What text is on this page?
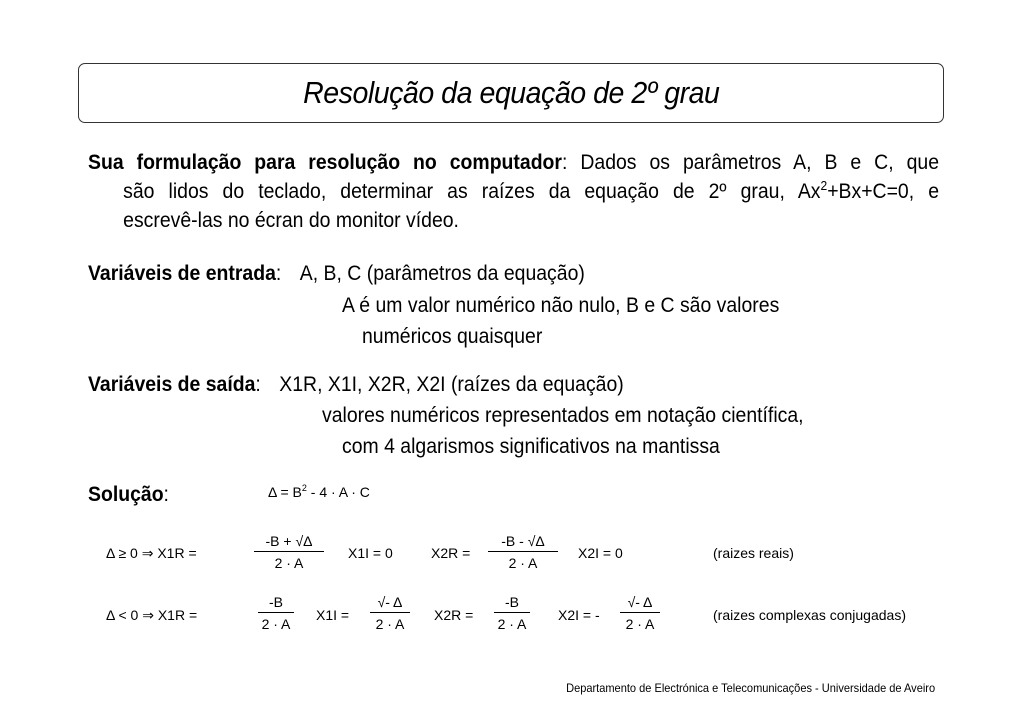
Resolução da equação de 2º grau
Sua formulação para resolução no computador: Dados os parâmetros A, B e C, que
são lidos do teclado, determinar as raízes da equação de 2º grau, $Ax^2+Bx+C=0$, e
escrevê-las no écran do monitor vídeo.
Variáveis de entrada: A, B, C (parâmetros da equação)
A é um valor numérico não nulo, B e C são valores
numéricos quaisquer
Variáveis de saída: X1R, X1I, X2R, X2I (raízes da equação)
valores numéricos representados em notação científica,
com 4 algarismos significativos na mantissa
Solução:	$\Delta = B^2 - 4 \cdot A \cdot C$
Δ ≥ 0 ⇒ X1R =	$\frac{-B + √\Delta}{2 \cdot A} X1I = 0$	$X2R = \frac{-B - √\Delta}{2 \cdot A} X2I = 0$	(raizes reais)
Δ < 0 ⇒ X1R =	$\frac{-B}{2 \cdot A} X1I = \frac{√- \Delta}{2 \cdot A} X2R = \frac{-B}{2 \cdot A} X2I$ = - $\frac{√- \Delta}{2 \cdot A}$	(raizes complexas conjugadas)
Departamento de Electrónica e Telecomunicações - Universidade de Aveiro
